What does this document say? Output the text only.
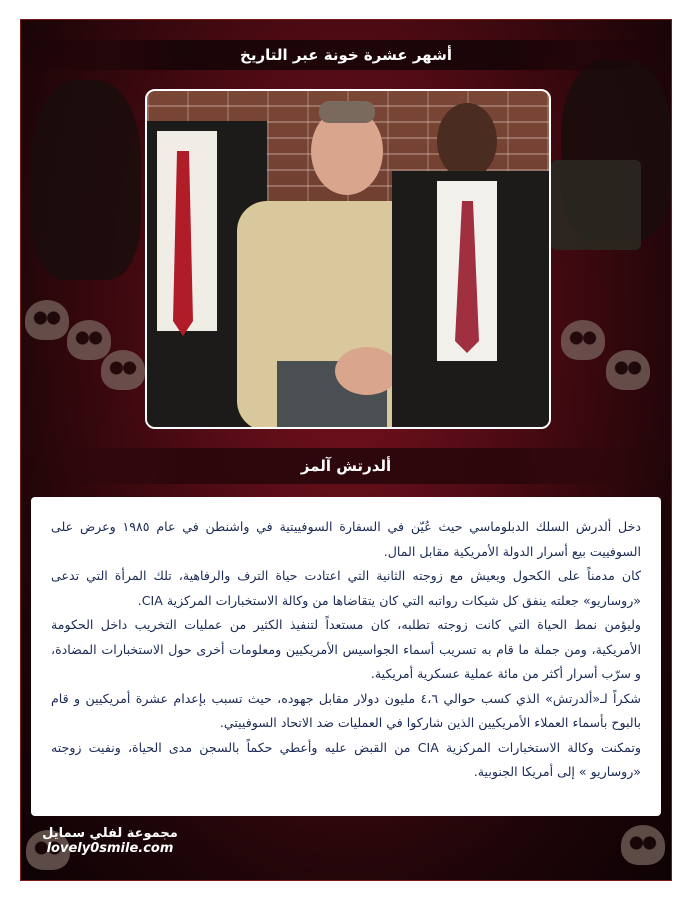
أشهر عشرة خونة عبر التاريخ
ألدرتش آلمز

دخل ألدرش السلك الدبلوماسي حيث عُيّن في السفارة السوفييتية في واشنطن في عام ١٩٨٥ وعرض على السوفييت بيع أسرار الدولة الأمريكية مقابل المال.

كان مدمناً على الكحول ويعيش مع زوجته الثانية التي اعتادت حياة الترف والرفاهية، تلك المرأة التي تدعى «روساريو» جعلته ينفق كل شيكات رواتبه التي كان يتقاضاها من وكالة الاستخبارات المركزية CIA.

وليؤمن نمط الحياة التي كانت زوجته تطلبه، كان مستعداً لتنفيذ الكثير من عمليات التخريب داخل الحكومة الأمريكية، ومن جملة ما قام به تسريب أسماء الجواسيس الأمريكيين ومعلومات أخرى حول الاستخبارات المضادة، و سرّب أسرار أكثر من مائة عملية عسكرية أمريكية.

شكراً لـ«ألدرتش» الذي كسب حوالي ٤،٦ مليون دولار مقابل جهوده، حيث تسبب بإعدام عشرة أمريكيين و قام بالبوح بأسماء العملاء الأمريكيين الذين شاركوا في العمليات ضد الاتحاد السوفييتي.

وتمكنت وكالة الاستخبارات المركزية CIA من القبض عليه وأعطي حكماً بالسجن مدى الحياة، ونفيت زوجته «روساريو » إلى أمريكا الجنوبية.

مجموعة لفلي سمايل
lovely0smile.com
